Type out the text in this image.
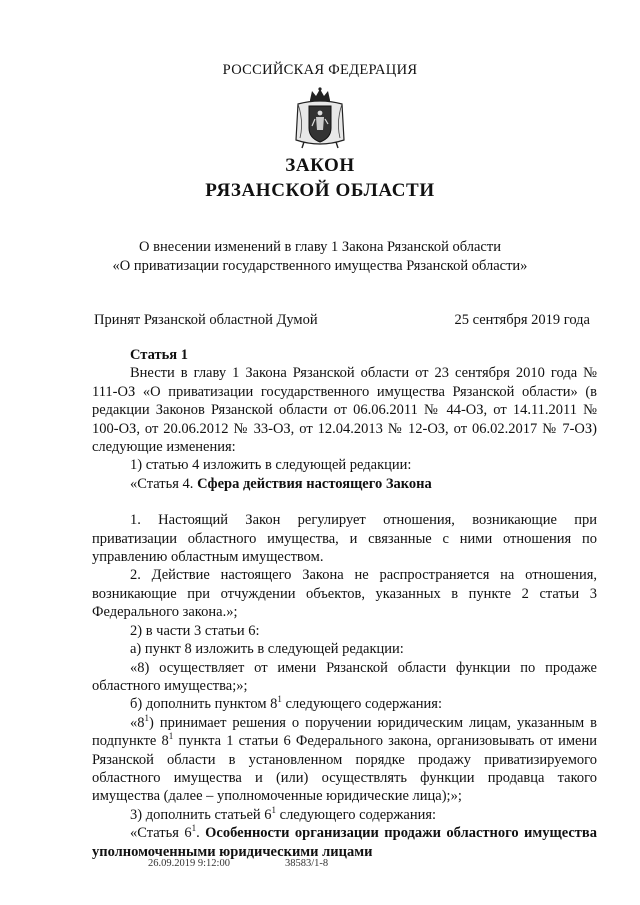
РОССИЙСКАЯ ФЕДЕРАЦИЯ
ЗАКОН
РЯЗАНСКОЙ ОБЛАСТИ
О внесении изменений в главу 1 Закона Рязанской области
«О приватизации государственного имущества Рязанской области»
Принят Рязанской областной Думой	25 сентября 2019 года

Статья 1

Внести в главу 1 Закона Рязанской области от 23 сентября 2010 года № 111-ОЗ «О приватизации государственного имущества Рязанской области» (в редакции Законов Рязанской области от 06.06.2011 № 44-ОЗ, от 14.11.2011 № 100-ОЗ, от 20.06.2012 № 33-ОЗ, от 12.04.2013 № 12-ОЗ, от 06.02.2017 № 7-ОЗ) следующие изменения:

1) статью 4 изложить в следующей редакции:

«Статья 4. Сфера действия настоящего Закона

1. Настоящий Закон регулирует отношения, возникающие при приватизации областного имущества, и связанные с ними отношения по управлению областным имуществом.

2. Действие настоящего Закона не распространяется на отношения, возникающие при отчуждении объектов, указанных в пункте 2 статьи 3 Федерального закона.»;

2) в части 3 статьи 6:

а) пункт 8 изложить в следующей редакции:

«8) осуществляет от имени Рязанской области функции по продаже областного имущества;»;

б) дополнить пунктом $8^1$ следующего содержания:

«$8^1$) принимает решения о поручении юридическим лицам, указанным в подпункте $8^1$ пункта 1 статьи 6 Федерального закона, организовывать от имени Рязанской области в установленном порядке продажу приватизируемого областного имущества и (или) осуществлять функции продавца такого имущества (далее – уполномоченные юридические лица);»;

3) дополнить статьей $6^1$ следующего содержания:

«Статья $6^1$. Особенности организации продажи областного имущества уполномоченными юридическими лицами

26.09.2019 9:12:00	38583/1-8
